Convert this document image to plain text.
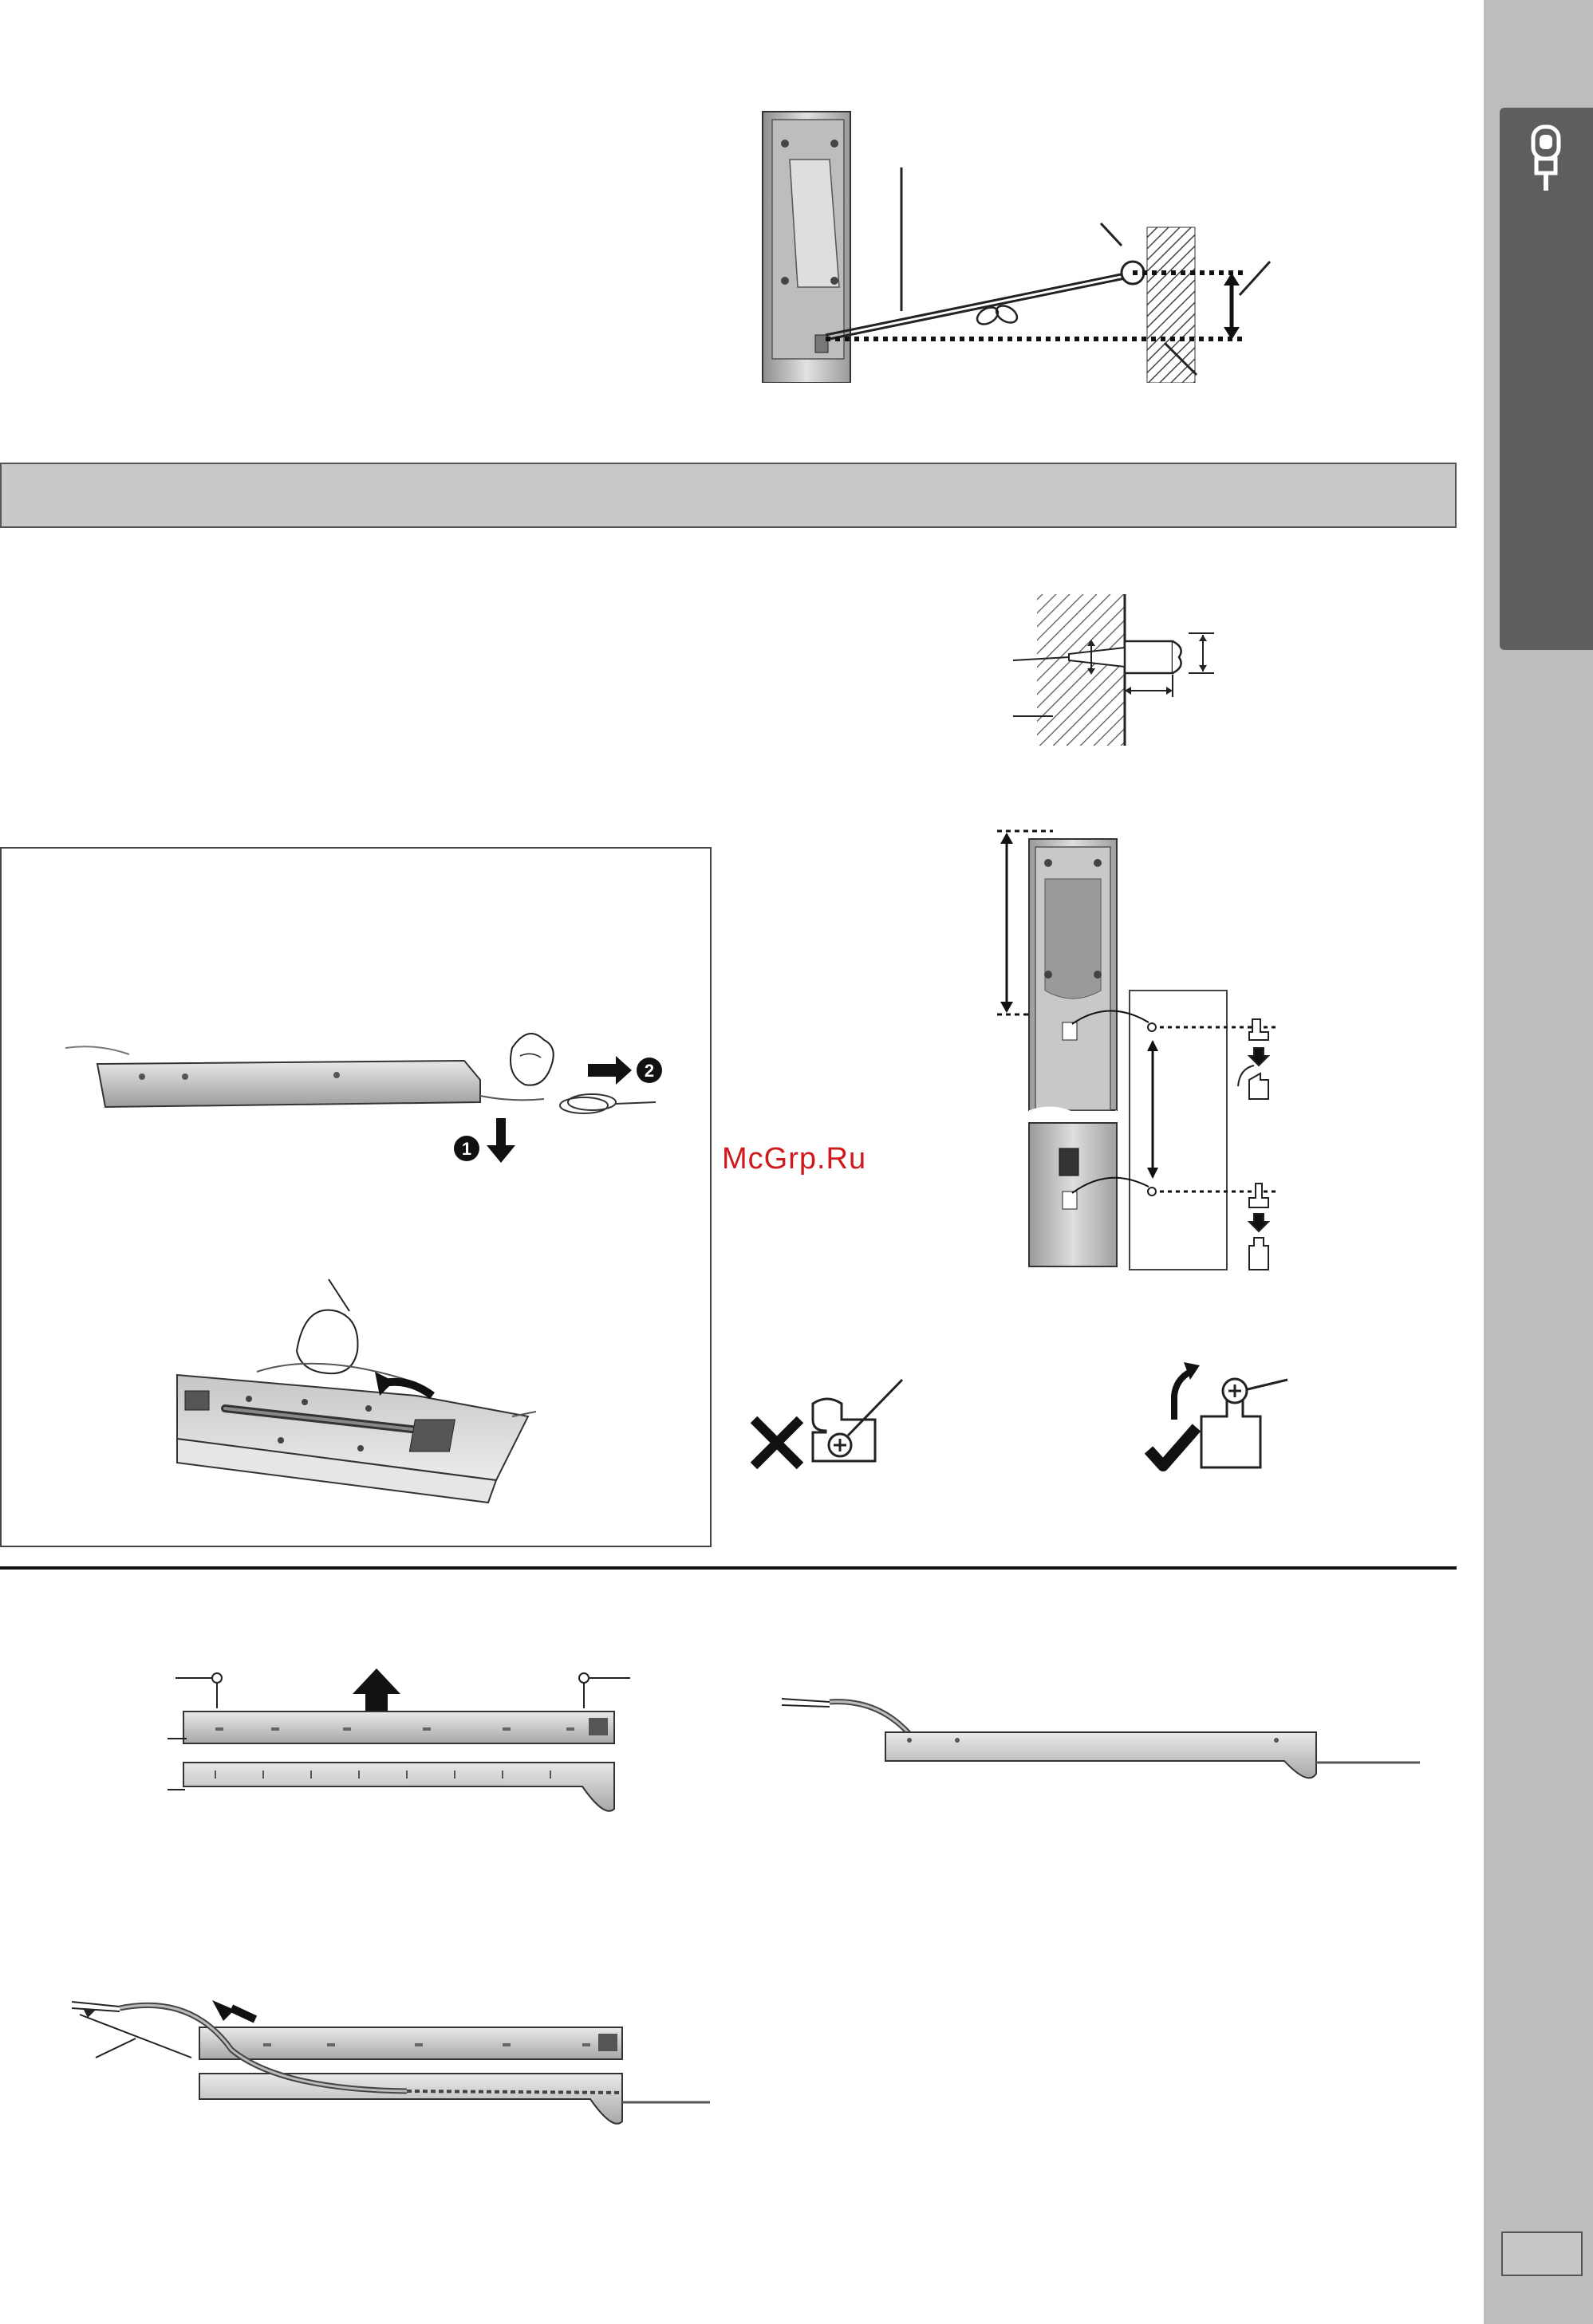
2
1	McGrp.Ru
